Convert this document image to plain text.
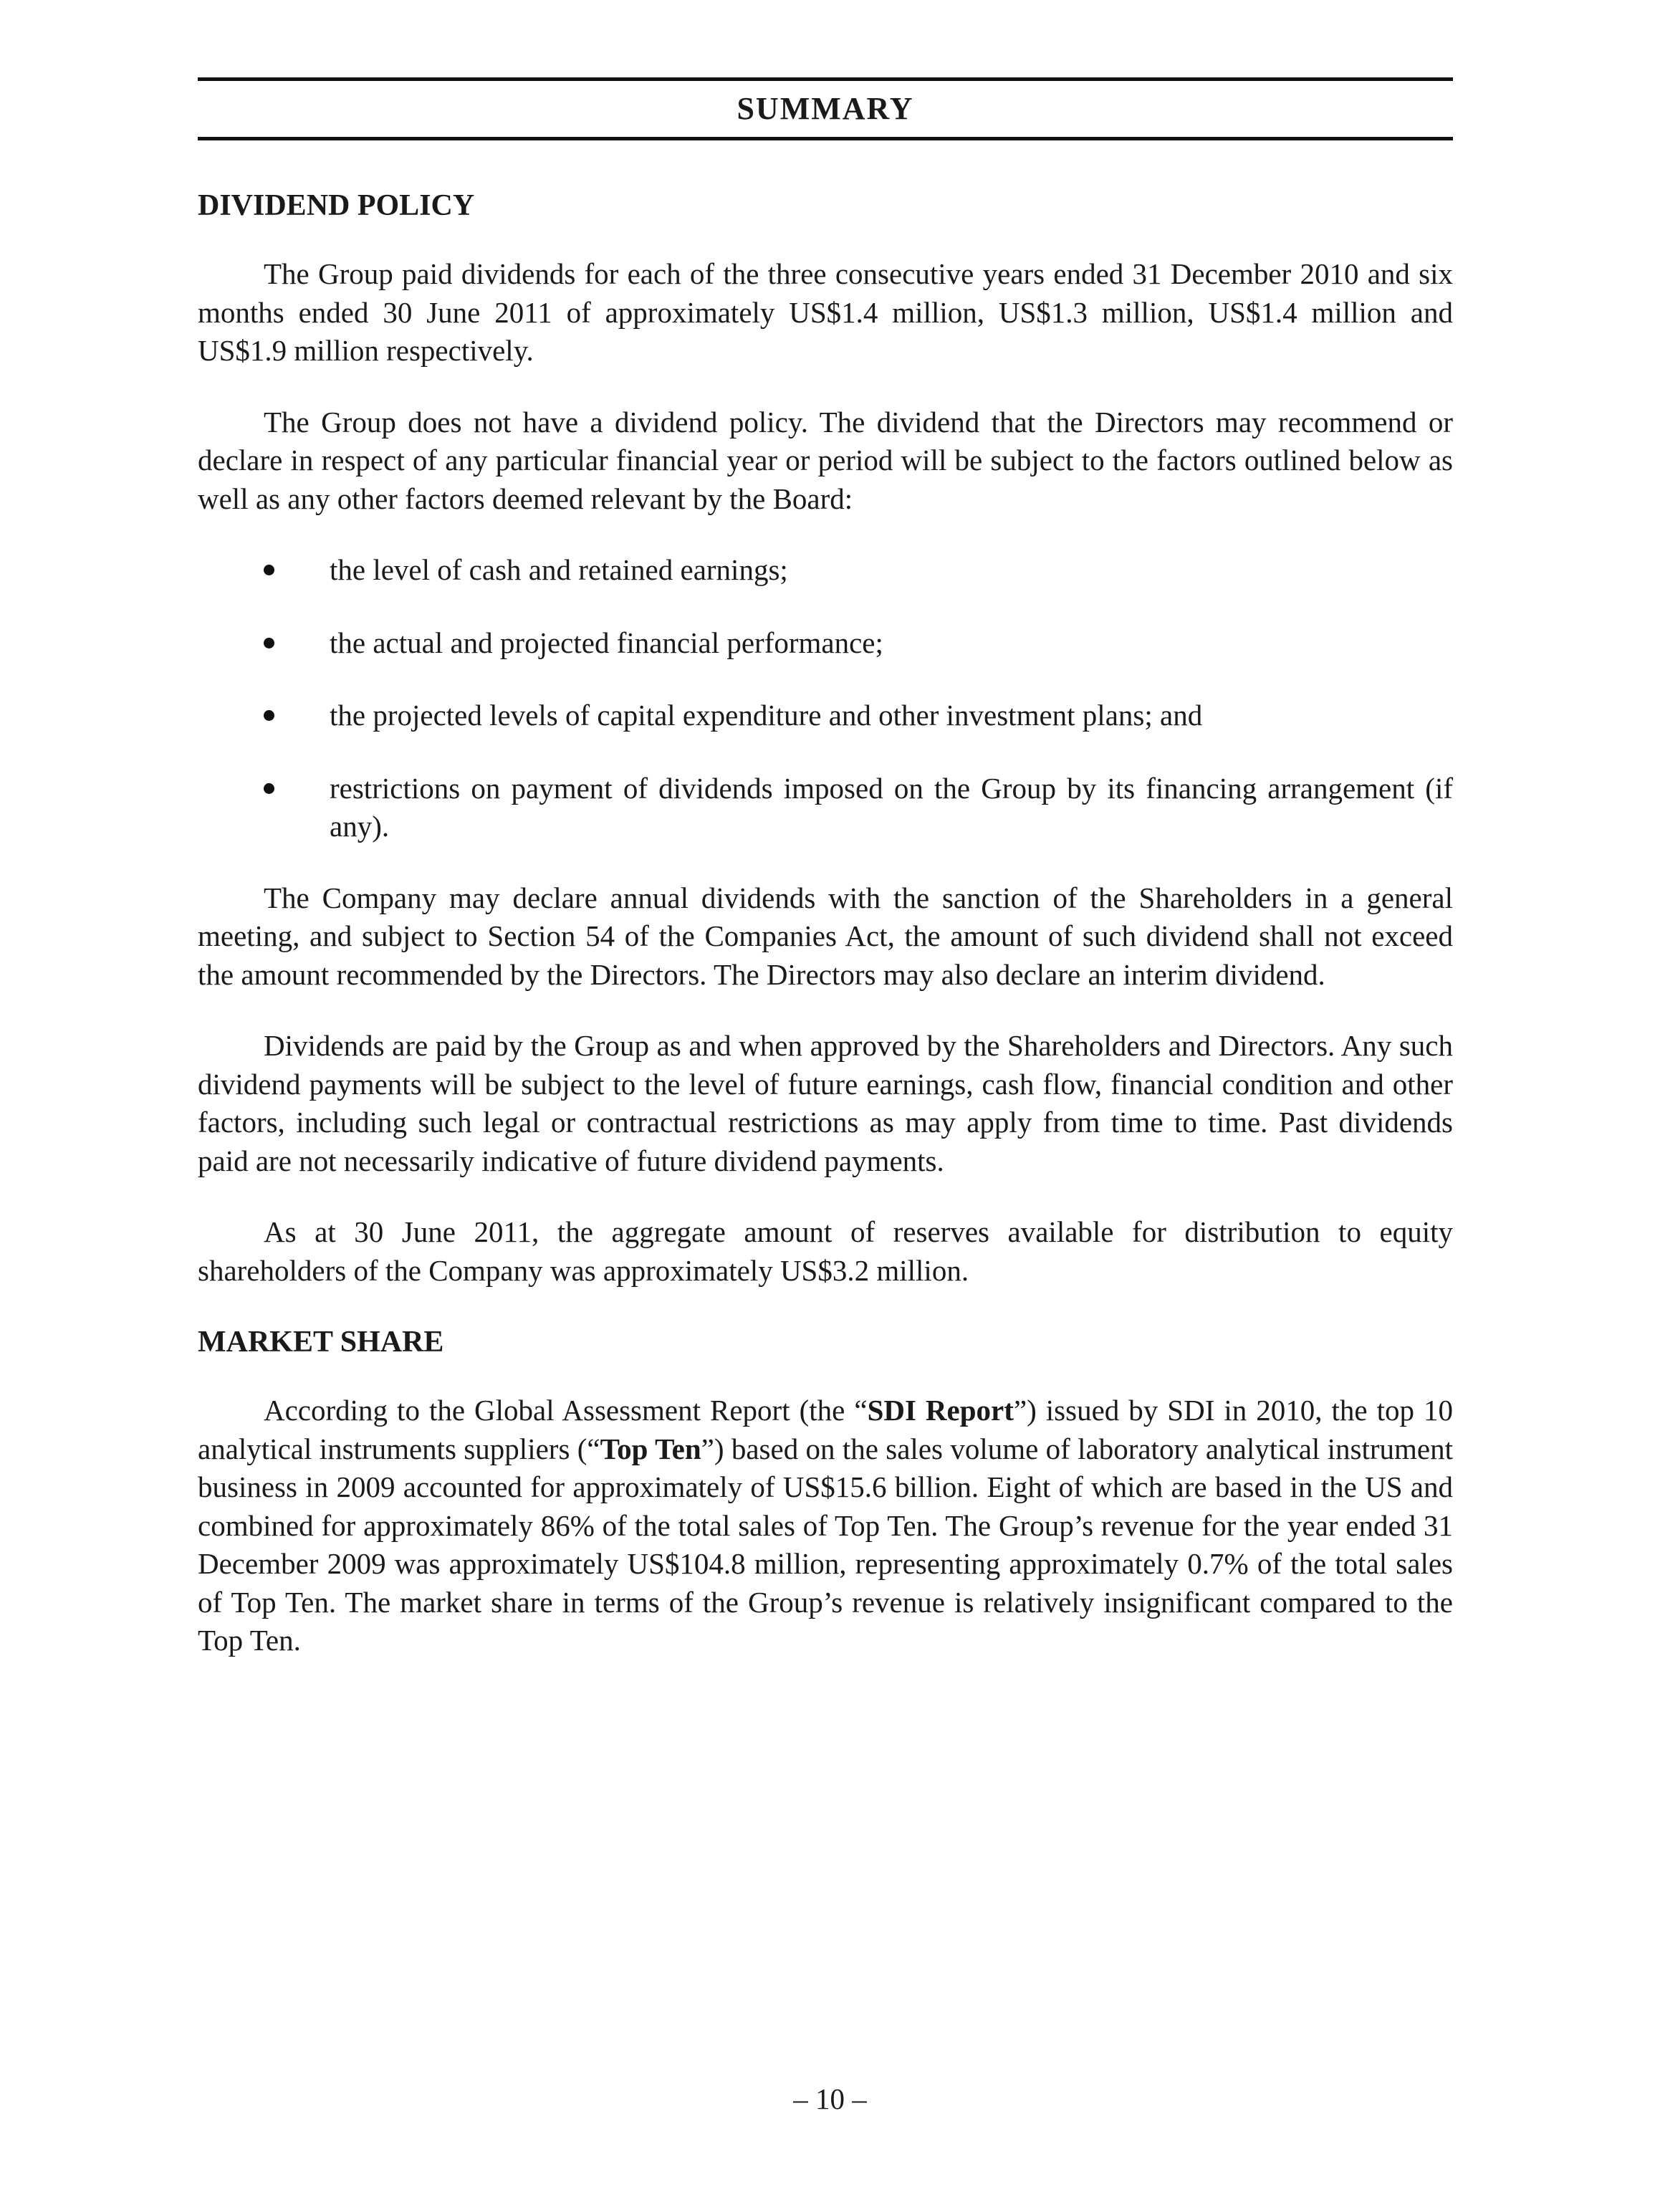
SUMMARY
DIVIDEND POLICY

The Group paid dividends for each of the three consecutive years ended 31 December 2010 and six months ended 30 June 2011 of approximately US$1.4 million, US$1.3 million, US$1.4 million and US$1.9 million respectively.

The Group does not have a dividend policy. The dividend that the Directors may recommend or declare in respect of any particular financial year or period will be subject to the factors outlined below as well as any other factors deemed relevant by the Board:

the level of cash and retained earnings;
the actual and projected financial performance;
the projected levels of capital expenditure and other investment plans; and
restrictions on payment of dividends imposed on the Group by its financing arrangement (if any).

The Company may declare annual dividends with the sanction of the Shareholders in a general meeting, and subject to Section 54 of the Companies Act, the amount of such dividend shall not exceed the amount recommended by the Directors. The Directors may also declare an interim dividend.

Dividends are paid by the Group as and when approved by the Shareholders and Directors. Any such dividend payments will be subject to the level of future earnings, cash flow, financial condition and other factors, including such legal or contractual restrictions as may apply from time to time. Past dividends paid are not necessarily indicative of future dividend payments.

As at 30 June 2011, the aggregate amount of reserves available for distribution to equity shareholders of the Company was approximately US$3.2 million.

MARKET SHARE

According to the Global Assessment Report (the “SDI Report”) issued by SDI in 2010, the top 10 analytical instruments suppliers (“Top Ten”) based on the sales volume of laboratory analytical instrument business in 2009 accounted for approximately of US$15.6 billion. Eight of which are based in the US and combined for approximately 86% of the total sales of Top Ten. The Group’s revenue for the year ended 31 December 2009 was approximately US$104.8 million, representing approximately 0.7% of the total sales of Top Ten. The market share in terms of the Group’s revenue is relatively insignificant compared to the Top Ten.

– 10 –
